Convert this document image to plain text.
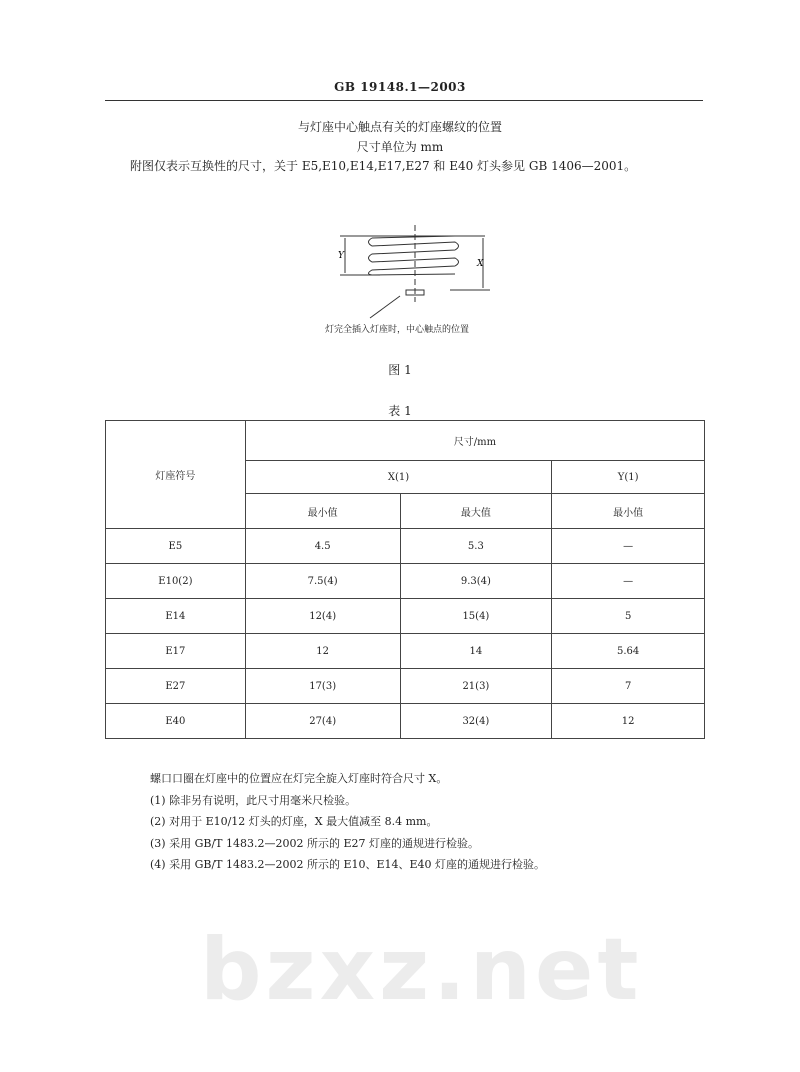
bzxz.net
GB 19148.1—2003
与灯座中心触点有关的灯座螺纹的位置
尺寸单位为 mm
附图仅表示互换性的尺寸，关于 E5,E10,E14,E17,E27 和 E40 灯头参见 GB 1406—2001。
Y
X
灯完全插入灯座时，中心触点的位置
图 1
表 1
灯座符号	尺寸/mm		
	X(1)		Y(1)
	最小值	最大值	最小值
E5	4.5	5.3	—
E10(2)	7.5(4)	9.3(4)	—
E14	12(4)	15(4)	5
E17	12	14	5.64
E27	17(3)	21(3)	7
E40	27(4)	32(4)	12
螺口口圈在灯座中的位置应在灯完全旋入灯座时符合尺寸 X。
(1) 除非另有说明，此尺寸用毫米尺检验。
(2) 对用于 E10/12 灯头的灯座，X 最大值减至 8.4 mm。
(3) 采用 GB/T 1483.2—2002 所示的 E27 灯座的通规进行检验。
(4) 采用 GB/T 1483.2—2002 所示的 E10、E14、E40 灯座的通规进行检验。
